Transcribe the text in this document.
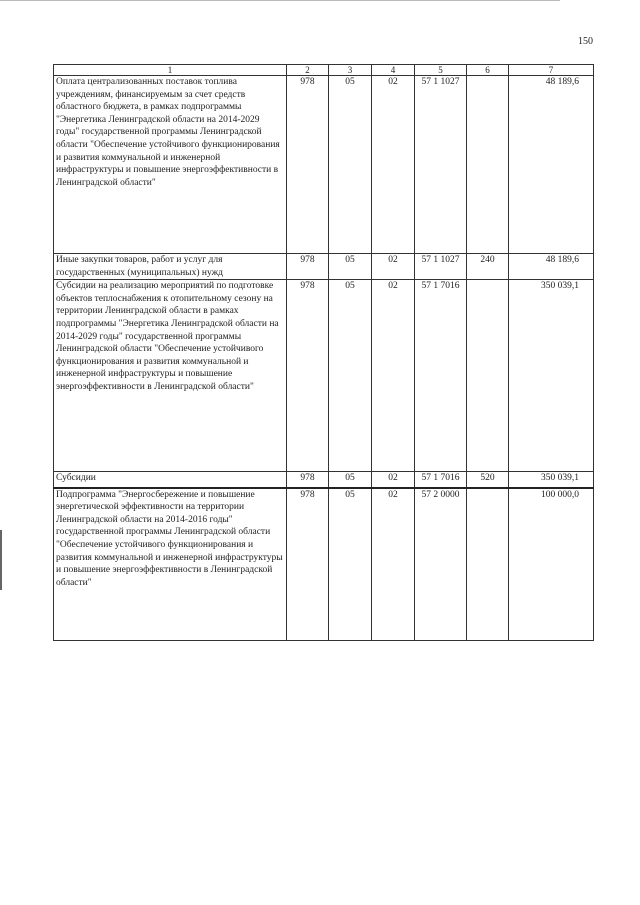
150
1	2	3	4	5	6	7
Оплата централизованных поставок топлива учреждениям, финансируемым за счет средств областного бюджета, в рамках подпрограммы "Энергетика Ленинградской области на 2014-2029 годы" государственной программы Ленинградской области "Обеспечение устойчивого функционирования и развития коммунальной и инженерной инфраструктуры и повышение энергоэффективности в Ленинградской области"	978	05	02	57 1 1027		48 189,6
Иные закупки товаров, работ и услуг для государственных (муниципальных) нужд	978	05	02	57 1 1027	240	48 189,6
Субсидии на реализацию мероприятий по подготовке объектов теплоснабжения к отопительному сезону на территории Ленинградской области в рамках подпрограммы "Энергетика Ленинградской области на 2014-2029 годы" государственной программы Ленинградской области "Обеспечение устойчивого функционирования и развития коммунальной и инженерной инфраструктуры и повышение энергоэффективности в Ленинградской области"	978	05	02	57 1 7016		350 039,1
Субсидии	978	05	02	57 1 7016	520	350 039,1
Подпрограмма "Энергосбережение и повышение энергетической эффективности на территории Ленинградской области на 2014-2016 годы" государственной программы Ленинградской области "Обеспечение устойчивого функционирования и развития коммунальной и инженерной инфраструктуры и повышение энергоэффективности в Ленинградской области"	978	05	02	57 2 0000		100 000,0
